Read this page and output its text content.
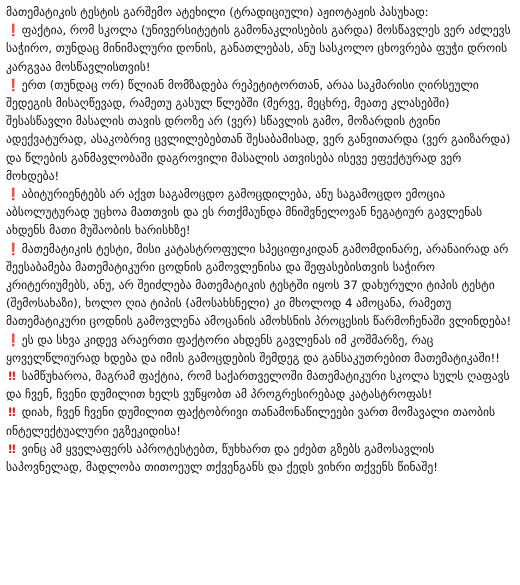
მათემატიკის ტესტის გარშემო ატეხილი (ტრადიციული) აჟიოტაჟის პასუხად:

❗ ფაქტია, რომ სკოლა (უნივერსიტეტის გამონაკლისების გარდა) მოსწავლეს ვერ აძლევს საჭირო, თუნდაც მინიმალური დონის, განათლებას, ანუ სასკოლო ცხოვრება ფუჭი დროის კარგვაა მოსწავლისთვის!

❗ ერთ (თუნდაც ორ) წლიან მომზადება რეპეტიტორთან, არაა საკმარისი ღირსეული შედეგის მისაღწევად, რამეთუ გასულ წლებში (მერვე, მეცხრე, მეათე კლასებში) შესასწავლი მასალის თავის დროზე არ (ვერ) სწავლის გამო, მოზარდის ტვინი ადექვატურად, ასაკობრივ ცვლილებებთან შესაბამისად, ვერ განვითარდა (ვერ გაიზარდა) და წლების განმავლობაში დაგროვილი მასალის ათვისება ისევე ეფექტურად ვერ მოხდება!

❗ აბიტურიენტებს არ აქვთ საგამოცდო გამოცდილება, ანუ საგამოცდო ემოცია აბსოლუტურად უცხოა მათთვის და ეს რთქმაუნდა მნიშვნელოვან ნეგატიურ გავლენას ახდენს მათი მუშაობის ხარისხზე!

❗ მათემატიკის ტესტი, მისი კატასტროფული სპეციფიკიდან გამომდინარე, არანაირად არ შეესაბამება მათემატიკური ცოდნის გამოვლენისა და შეფასებისთვის საჭირო კრიტერიუმებს, ანუ, არ შეიძლება მათემატიკის ტესტში იყოს 37 დახურული ტიპის ტესტი (შემოსახაზი), ხოლო ღია ტიპის (ამოსახსნელი) კი მხოლოდ 4 ამოცანა, რამეთუ მათემატიკური ცოდნის გამოვლენა ამოცანის ამოხსნის პროცესის წარმოჩენაში ვლინდება!

❗ ეს და სხვა კიდევ არაერთი ფაქტორი ახდენს გავლენას იმ კოშმარზე, რაც ყოველწლიურად ხდება და იმის გამოცდების შემდეგ და განსაკუთრებით მათემატიკაში!!

‼ სამწუხაროა, მაგრამ ფაქტია, რომ საქართველოში მათემატიკური სკოლა სულს ღაფავს და ჩვენ, ჩვენი დუმილით ხელს ვუწყობთ ამ პროგრესირებად კატასტროფას!

‼ დიახ, ჩვენ ჩვენი დუმილით ფაქტობრივი თანამონაწილეები ვართ მომავალი თაობის ინტელექტუალური ეგზეკიდისა!

‼ ვინც ამ ყველაფერს აპროტესტებთ, წუხხართ და ეძებთ გზებს გამოსავლის საპოვნელად, მადლობა თითოეულ თქვენგანს და ქედს ვიხრი თქვენს წინაშე!
